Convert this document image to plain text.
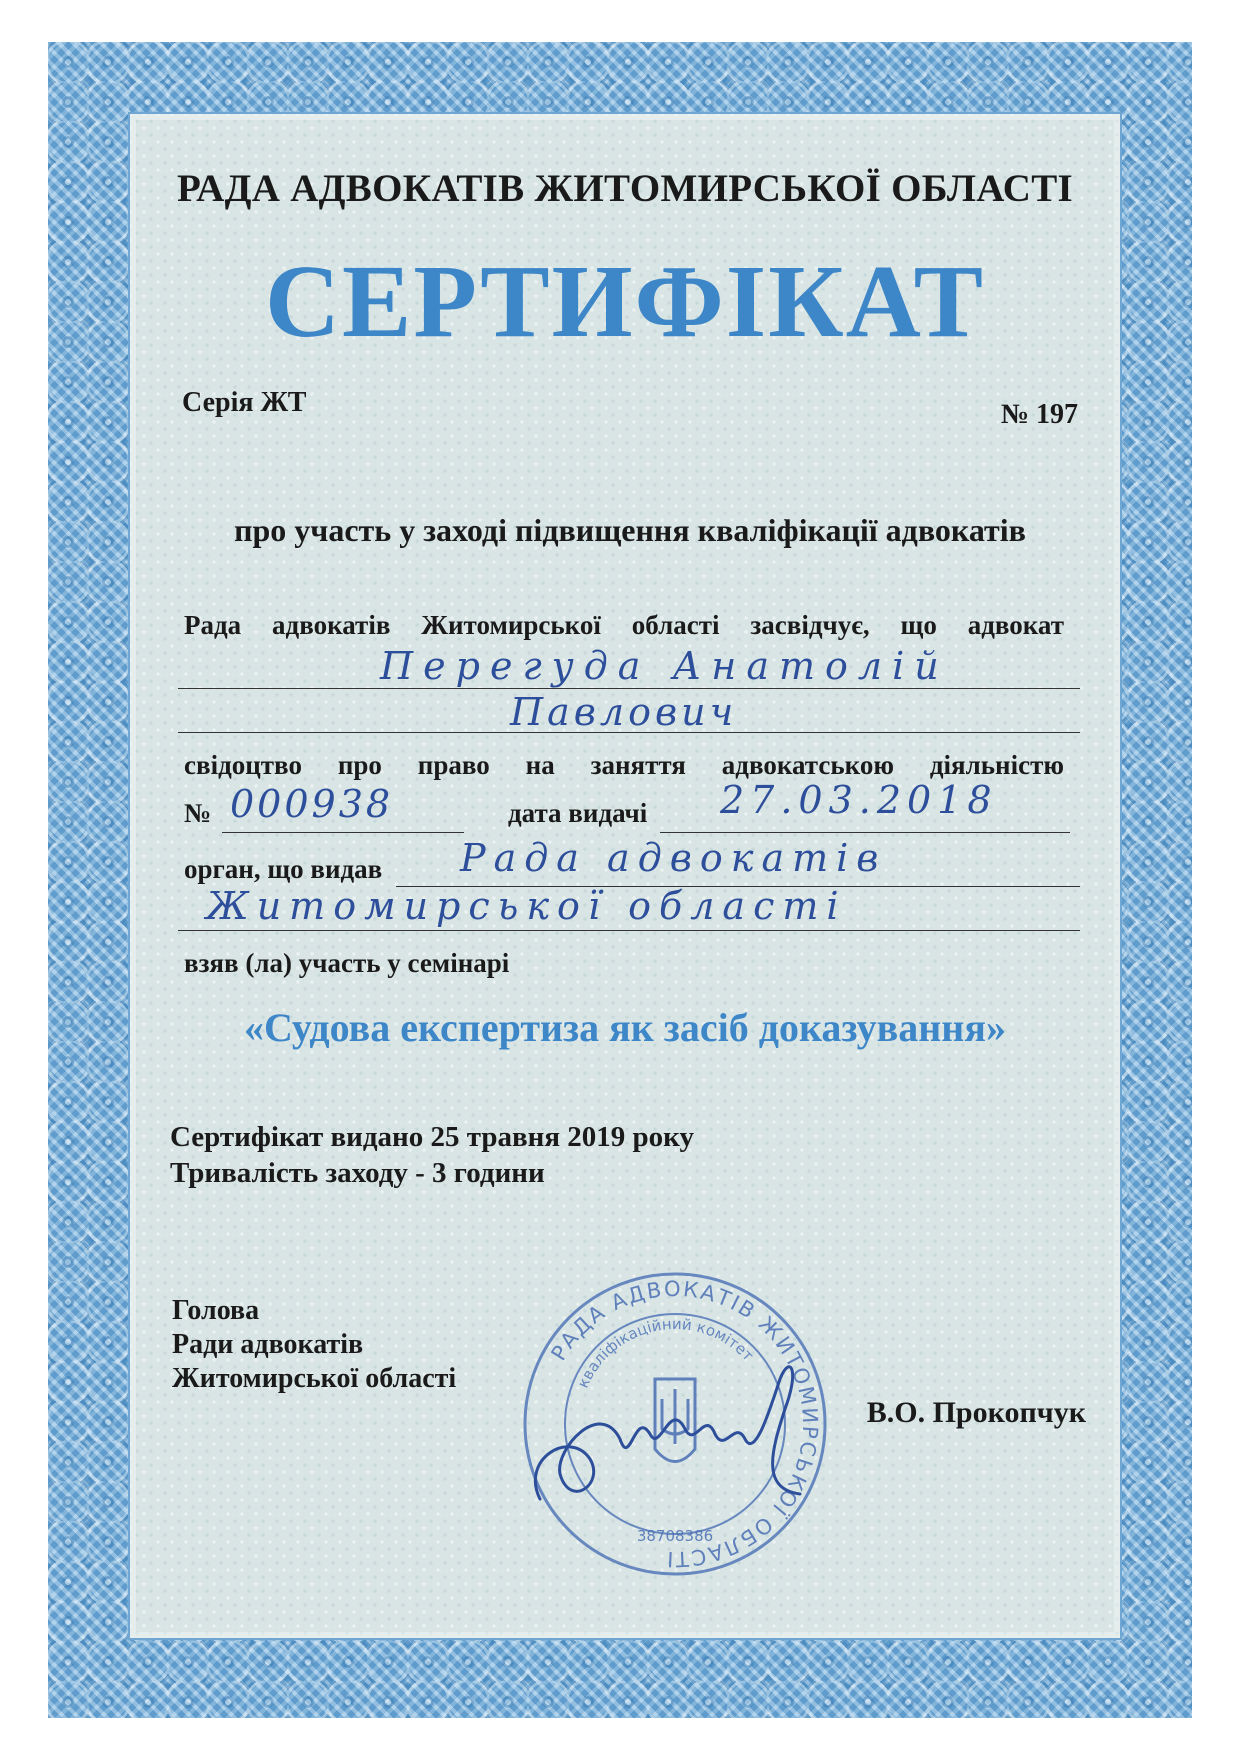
РАДА АДВОКАТІВ ЖИТОМИРСЬКОЇ ОБЛАСТІ
СЕРТИФІКАТ
Серія ЖТ	№ 197
про участь у заході підвищення кваліфікації адвокатів
Рада адвокатів Житомирської області засвідчує, що адвокат
Перегуда Анатолій
Павлович
свідоцтво про право на заняття адвокатською діяльністю
№ 000938	дата видачі 27.03.2018
орган, що видав Рада адвокатів
Житомирської області
взяв (ла) участь у семінарі
«Судова експертиза як засіб доказування»
Сертифікат видано 25 травня 2019 року
Тривалість заходу - 3 години
Голова
Ради адвокатів
Житомирської області
РАДА АДВОКАТІВ ЖИТОМИРСЬКОЇ ОБЛАСТІ
кваліфікаційний комітет
38708386
В.О. Прокопчук
